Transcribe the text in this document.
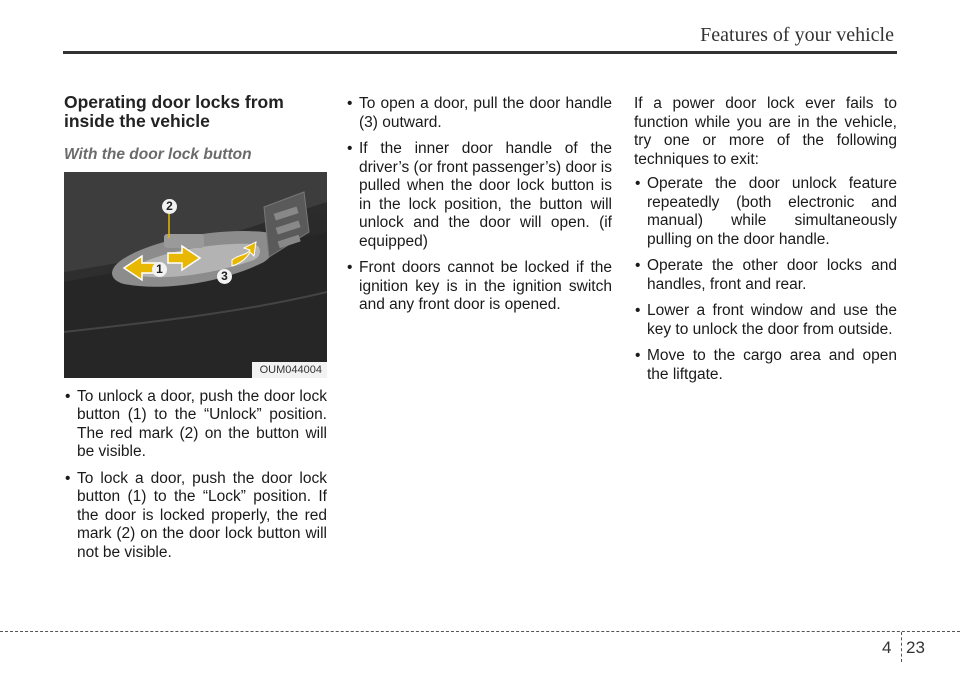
Features of your vehicle
Operating door locks from
inside the vehicle
With the door lock button
2
1	3
OUM044004
• To unlock a door, push the door lock button (1) to the “Unlock” position. The red mark (2) on the button will be visible.
• To lock a door, push the door lock button (1) to the “Lock” position. If the door is locked properly, the red mark (2) on the door lock button will not be visible.
• To open a door, pull the door handle (3) outward.
• If the inner door handle of the driver’s (or front passenger’s) door is pulled when the door lock button is in the lock position, the button will unlock and the door will open. (if equipped)
• Front doors cannot be locked if the ignition key is in the ignition switch and any front door is opened.

If a power door lock ever fails to function while you are in the vehicle, try one or more of the following techniques to exit:

• Operate the door unlock feature repeatedly (both electronic and manual) while simultaneously pulling on the door handle.
• Operate the other door locks and handles, front and rear.
• Lower a front window and use the key to unlock the door from outside.
• Move to the cargo area and open the liftgate.
4 23
